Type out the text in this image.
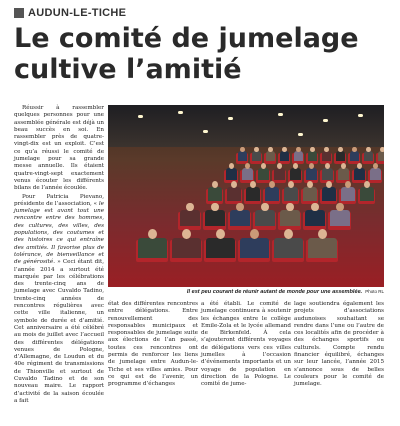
AUDUN-LE-TICHE
Le comité de jumelage
cultive l’amitié

Réussir à rassembler quelques personnes pour une assemblée générale est déjà un beau succès en soi. En rassembler près de quatre-vingt-dix est un exploit. C’est ce qu’a réussi le comité de jumelage pour sa grande messe annuelle. Ils étaient quatre-vingt-sept exactement venus écouter les différents bilans de l’année écoulée.

Pour Patricia Pievano, présidente de l’association, « le jumelage est avant tout une rencontre entre des hommes, des cultures, des villes, des populations, des coutumes et des histoires ce qui entraîne des amitiés. Il favorise plus de tolérance, de bienveillance et de générosité. » Ceci étant dit, l’année 2014 a surtout été marquée par les célébrations des trente-cinq ans de jumelage avec Cuvaldo Tadino, trente-cinq années de rencontres régulières avec cette ville italienne, un symbole de durée et d’amitié. Cet anniversaire a été célébré au mois de juillet avec l’accueil des différentes délégations venues de Pologne, d’Allemagne, de Loudun et du 40e régiment de transmissions de Thionville et surtout de Cuvaldo Tadino et de son nouveau maire. Le rapport d’activité de la saison écoulée a fait

Il est peu courant de réunir autant de monde pour une assemblée. Photo RL
état des différentes rencontres entre délégations. Entre renouvellement des responsables municipaux et responsables de jumelage suite aux élections de l’an passé, toutes ces rencontres ont permis de renforcer les liens de jumelage entre Audun-le-Tiche et ses villes amies. Pour ce qui est de l’avenir, un programme d’échanges
a été établi. Le comité de jumelage continuera à soutenir les échanges entre le collège Emile-Zola et le lycée allemand de Birkenfeld. À cela s’ajouteront différents voyages de délégations vers ces villes jumelles à l’occasion d’événements importants et un voyage de population en direction de la Pologne. Le comité de jume-
lage soutiendra également les projets d’associations audunoises souhaitant se rendre dans l’une ou l’autre de ces localités afin de procéder à des échanges sportifs ou culturels. Compte rendu financier équilibré, échanges sur leur lancée, l’année 2015 s’annonce sous de belles couleurs pour le comité de jumelage.
